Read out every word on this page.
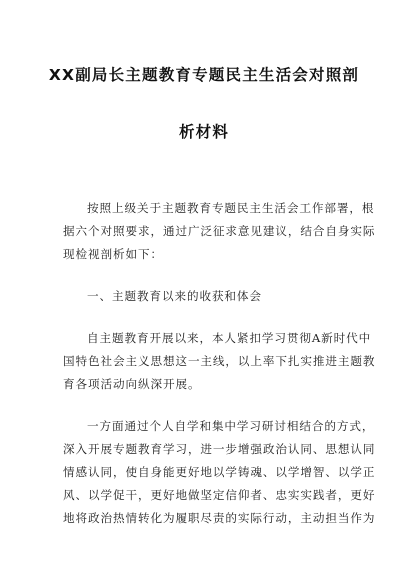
XX副局长主题教育专题民主生活会对照剖
析材料
按照上级关于主题教育专题民主生活会工作部署，根
据六个对照要求，通过广泛征求意见建议，结合自身实际
现检视剖析如下：
一、主题教育以来的收获和体会
自主题教育开展以来，本人紧扣学习贯彻A新时代中
国特色社会主义思想这一主线，以上率下扎实推进主题教
育各项活动向纵深开展。
一方面通过个人自学和集中学习研讨相结合的方式，
深入开展专题教育学习，进一步增强政治认同、思想认同
情感认同，使自身能更好地以学铸魂、以学增智、以学正
风、以学促干，更好地做坚定信仰者、忠实实践者，更好
地将政治热情转化为履职尽责的实际行动，主动担当作为
